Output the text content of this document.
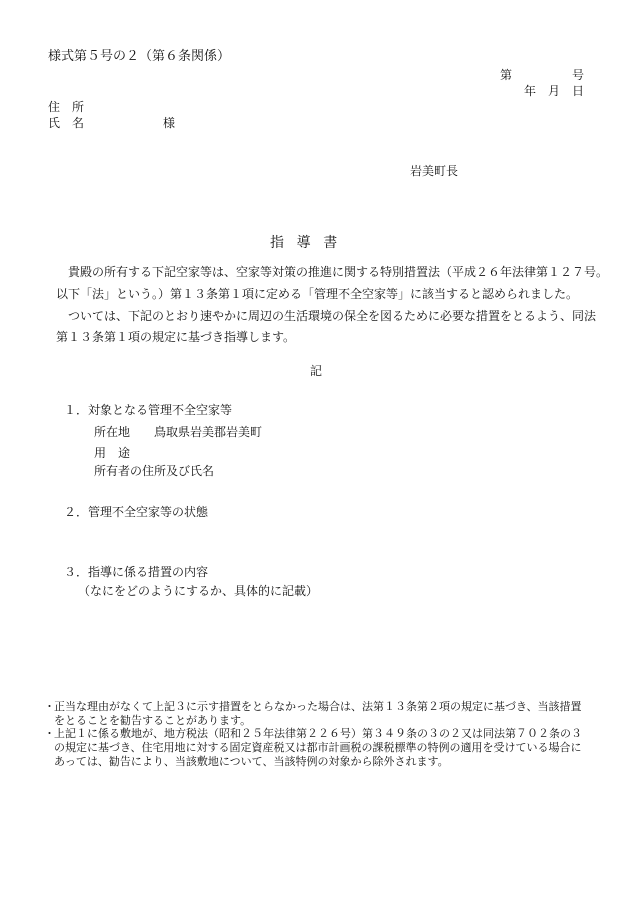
様式第５号の２（第６条関係）
第　　　　　号
年　月　日
住　所
氏　名	様
岩美町長
指導書
貴殿の所有する下記空家等は、空家等対策の推進に関する特別措置法（平成２６年法律第１２７号。
以下「法」という。）第１３条第１項に定める「管理不全空家等」に該当すると認められました。
ついては、下記のとおり速やかに周辺の生活環境の保全を図るために必要な措置をとるよう、同法
第１３条第１項の規定に基づき指導します。
記
１．対象となる管理不全空家等
所在地 鳥取県岩美郡岩美町
用　途
所有者の住所及び氏名
２．管理不全空家等の状態
３．指導に係る措置の内容
（なにをどのようにするか、具体的に記載）
・ 正当な理由がなくて上記３に示す措置をとらなかった場合は、法第１３条第２項の規定に基づき、当該措置をとることを勧告することがあります。
・ 上記１に係る敷地が、地方税法（昭和２５年法律第２２６号）第３４９条の３の２又は同法第７０２条の３の規定に基づき、住宅用地に対する固定資産税又は都市計画税の課税標準の特例の適用を受けている場合にあっては、勧告により、当該敷地について、当該特例の対象から除外されます。
